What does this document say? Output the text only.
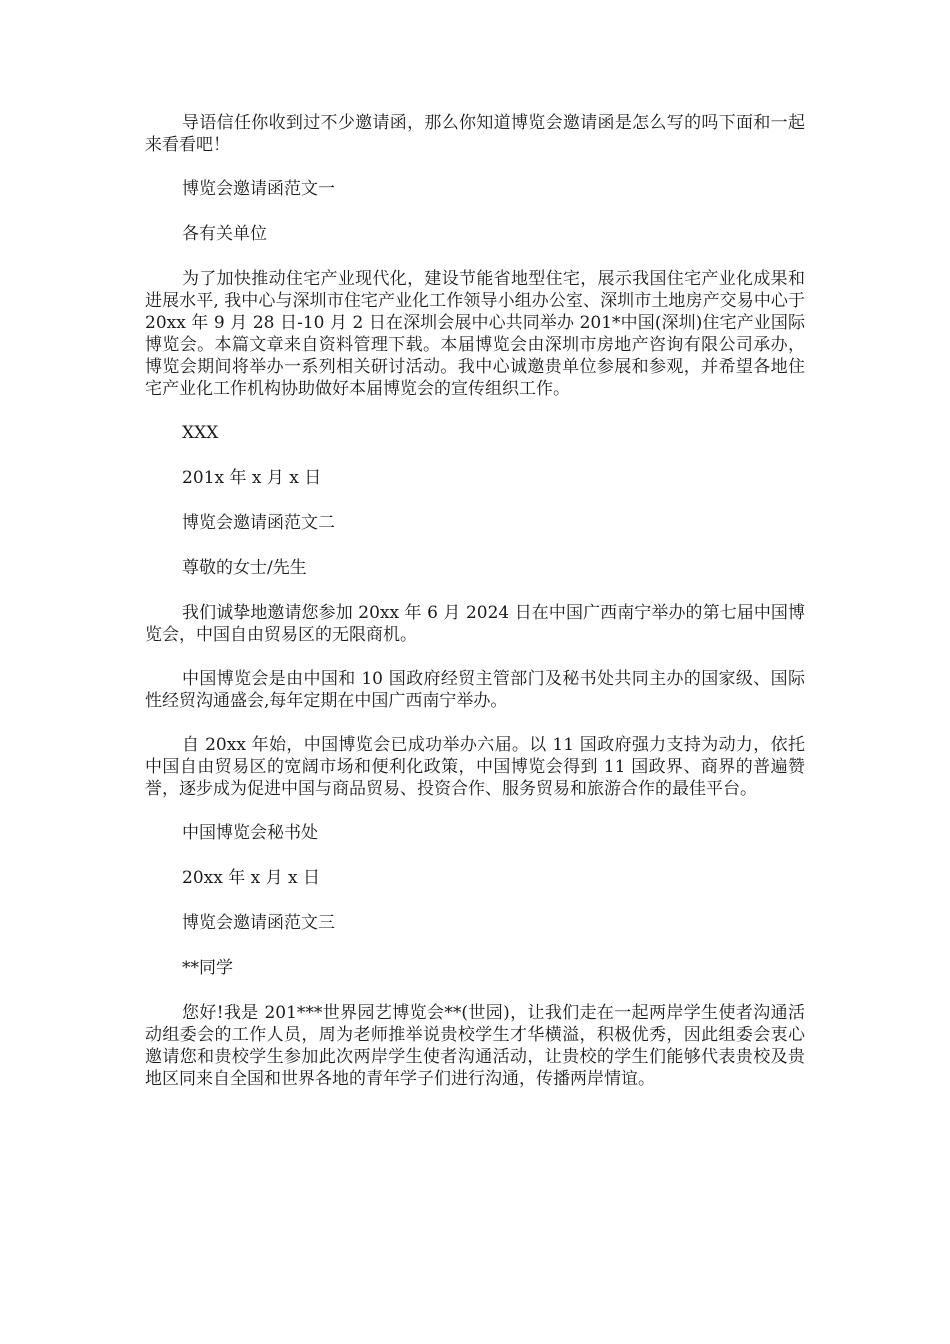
导语信任你收到过不少邀请函，那么你知道博览会邀请函是怎么写的吗下面和一起来看看吧！

博览会邀请函范文一

各有关单位

为了加快推动住宅产业现代化，建设节能省地型住宅，展示我国住宅产业化成果和进展水平, 我中心与深圳市住宅产业化工作领导小组办公室、深圳市土地房产交易中心于 20xx 年 9 月 28 日-10 月 2 日在深圳会展中心共同举办 201*中国(深圳)住宅产业国际博览会。本篇文章来自资料管理下载。本届博览会由深圳市房地产咨询有限公司承办，博览会期间将举办一系列相关研讨活动。我中心诚邀贵单位参展和参观，并希望各地住宅产业化工作机构协助做好本届博览会的宣传组织工作。

XXX

201x 年 x 月 x 日

博览会邀请函范文二

尊敬的女士/先生

我们诚挚地邀请您参加 20xx 年 6 月 2024 日在中国广西南宁举办的第七届中国博览会，中国自由贸易区的无限商机。

中国博览会是由中国和 10 国政府经贸主管部门及秘书处共同主办的国家级、国际性经贸沟通盛会,每年定期在中国广西南宁举办。

自 20xx 年始，中国博览会已成功举办六届。以 11 国政府强力支持为动力，依托中国自由贸易区的宽阔市场和便利化政策，中国博览会得到 11 国政界、商界的普遍赞誉，逐步成为促进中国与商品贸易、投资合作、服务贸易和旅游合作的最佳平台。

中国博览会秘书处

20xx 年 x 月 x 日

博览会邀请函范文三

**同学

您好!我是 201***世界园艺博览会**(世园)，让我们走在一起两岸学生使者沟通活动组委会的工作人员，周为老师推举说贵校学生才华横溢，积极优秀，因此组委会衷心邀请您和贵校学生参加此次两岸学生使者沟通活动，让贵校的学生们能够代表贵校及贵地区同来自全国和世界各地的青年学子们进行沟通，传播两岸情谊。
